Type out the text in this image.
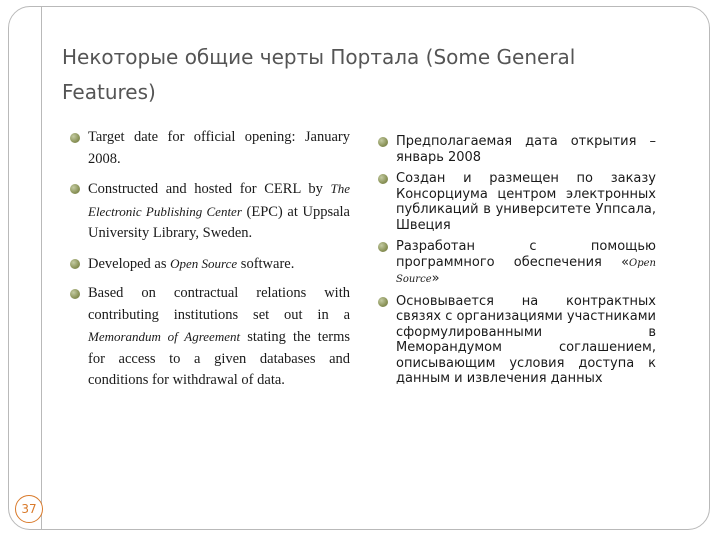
Некоторые общие черты Портала (Some General Features)
Target date for official opening: January 2008.
Constructed and hosted for CERL by The Electronic Publishing Center (EPC) at Uppsala University Library, Sweden.
Developed as Open Source software.
Based on contractual relations with contributing institutions set out in a Memorandum of Agreement stating the terms for access to a given databases and conditions for withdrawal of data.
Предполагаемая дата открытия – январь 2008
Создан и размещен по заказу Консорциума центром электронных публикаций в университете Уппсала, Швеция
Разработан с помощью программного обеспечения «Open Source»
Основывается на контрактных связях с организациями участниками сформулированными в Меморандумом соглашением, описывающим условия доступа к данным и извлечения данных
37
